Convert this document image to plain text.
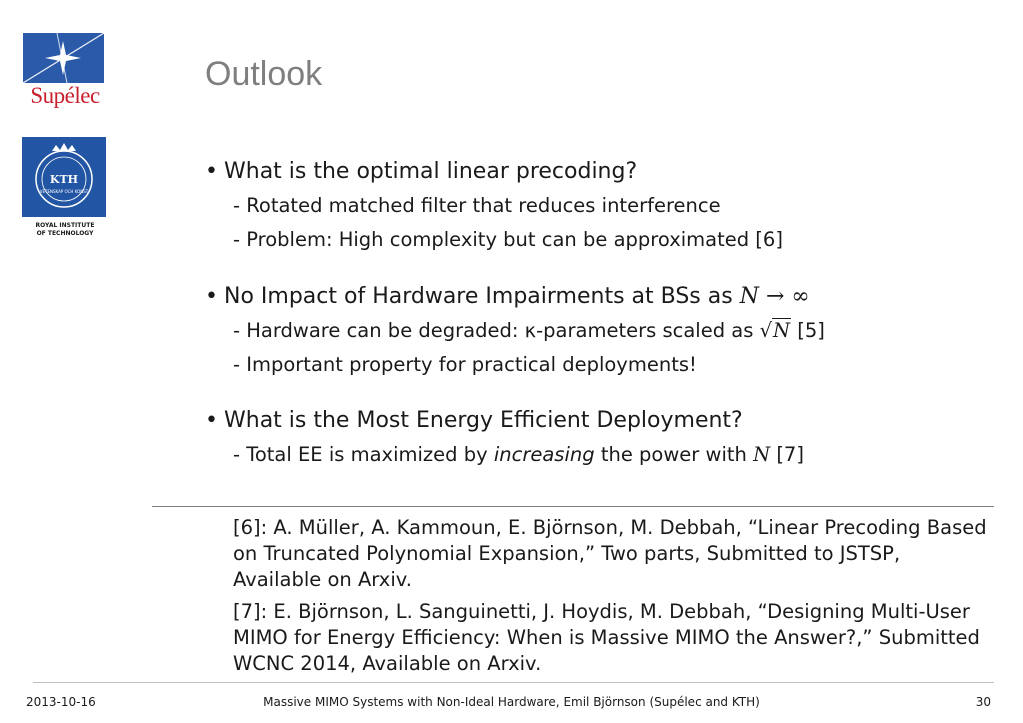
Supélec
KTH
VETENSKAP OCH KONST
ROYAL INSTITUTE
OF TECHNOLOGY
Outlook

• What is the optimal linear precoding?

- Rotated matched filter that reduces interference

- Problem: High complexity but can be approximated [6]

• No Impact of Hardware Impairments at BSs as N → ∞

- Hardware can be degraded: κ-parameters scaled as √N [5]

- Important property for practical deployments!

• What is the Most Energy Efficient Deployment?

- Total EE is maximized by increasing the power with N [7]

[6]: A. Müller, A. Kammoun, E. Björnson, M. Debbah, “Linear Precoding Based on Truncated Polynomial Expansion,” Two parts, Submitted to JSTSP, Available on Arxiv.

[7]: E. Björnson, L. Sanguinetti, J. Hoydis, M. Debbah, “Designing Multi-User MIMO for Energy Efficiency: When is Massive MIMO the Answer?,” Submitted WCNC 2014, Available on Arxiv.

2013-10-16	Massive MIMO Systems with Non-Ideal Hardware, Emil Björnson (Supélec and KTH)	30
